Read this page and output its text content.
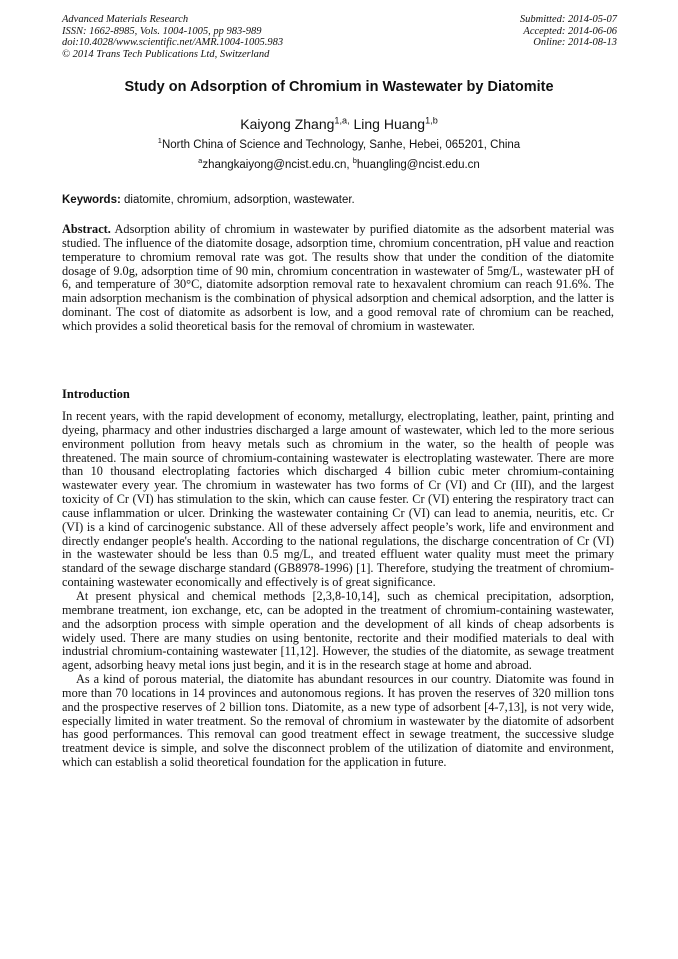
Advanced Materials Research
ISSN: 1662-8985, Vols. 1004-1005, pp 983-989
doi:10.4028/www.scientific.net/AMR.1004-1005.983
© 2014 Trans Tech Publications Ltd, Switzerland
Submitted: 2014-05-07
Accepted: 2014-06-06
Online: 2014-08-13
Study on Adsorption of Chromium in Wastewater by Diatomite
Kaiyong Zhang$^{1,a,}$ Ling Huang$^{1,b}$
$^1$North China of Science and Technology, Sanhe, Hebei, 065201, China
$^a$zhangkaiyong@ncist.edu.cn, $^b$huangling@ncist.edu.cn
Keywords: diatomite, chromium, adsorption, wastewater.
Abstract. Adsorption ability of chromium in wastewater by purified diatomite as the adsorbent material was studied. The influence of the diatomite dosage, adsorption time, chromium concentration, pH value and reaction temperature to chromium removal rate was got. The results show that under the condition of the diatomite dosage of 9.0g, adsorption time of 90 min, chromium concentration in wastewater of 5mg/L, wastewater pH of 6, and temperature of 30°C, diatomite adsorption removal rate to hexavalent chromium can reach 91.6%. The main adsorption mechanism is the combination of physical adsorption and chemical adsorption, and the latter is dominant. The cost of diatomite as adsorbent is low, and a good removal rate of chromium can be reached, which provides a solid theoretical basis for the removal of chromium in wastewater.
Introduction

In recent years, with the rapid development of economy, metallurgy, electroplating, leather, paint, printing and dyeing, pharmacy and other industries discharged a large amount of wastewater, which led to the more serious environment pollution from heavy metals such as chromium in the water, so the health of people was threatened. The main source of chromium-containing wastewater is electroplating wastewater. There are more than 10 thousand electroplating factories which discharged 4 billion cubic meter chromium-containing wastewater every year. The chromium in wastewater has two forms of Cr (VI) and Cr (III), and the largest toxicity of Cr (VI) has stimulation to the skin, which can cause fester. Cr (VI) entering the respiratory tract can cause inflammation or ulcer. Drinking the wastewater containing Cr (VI) can lead to anemia, neuritis, etc. Cr (VI) is a kind of carcinogenic substance. All of these adversely affect people’s work, life and environment and directly endanger people's health. According to the national regulations, the discharge concentration of Cr (VI) in the wastewater should be less than 0.5 mg/L, and treated effluent water quality must meet the primary standard of the sewage discharge standard (GB8978-1996) [1]. Therefore, studying the treatment of chromium-containing wastewater economically and effectively is of great significance.

At present physical and chemical methods [2,3,8-10,14], such as chemical precipitation, adsorption, membrane treatment, ion exchange, etc, can be adopted in the treatment of chromium-containing wastewater, and the adsorption process with simple operation and the development of all kinds of cheap adsorbents is widely used. There are many studies on using bentonite, rectorite and their modified materials to deal with industrial chromium-containing wastewater [11,12]. However, the studies of the diatomite, as sewage treatment agent, adsorbing heavy metal ions just begin, and it is in the research stage at home and abroad.

As a kind of porous material, the diatomite has abundant resources in our country. Diatomite was found in more than 70 locations in 14 provinces and autonomous regions. It has proven the reserves of 320 million tons and the prospective reserves of 2 billion tons. Diatomite, as a new type of adsorbent [4-7,13], is not very wide, especially limited in water treatment. So the removal of chromium in wastewater by the diatomite of adsorbent has good performances. This removal can good treatment effect in sewage treatment, the successive sludge treatment device is simple, and solve the disconnect problem of the utilization of diatomite and environment, which can establish a solid theoretical foundation for the application in future.
